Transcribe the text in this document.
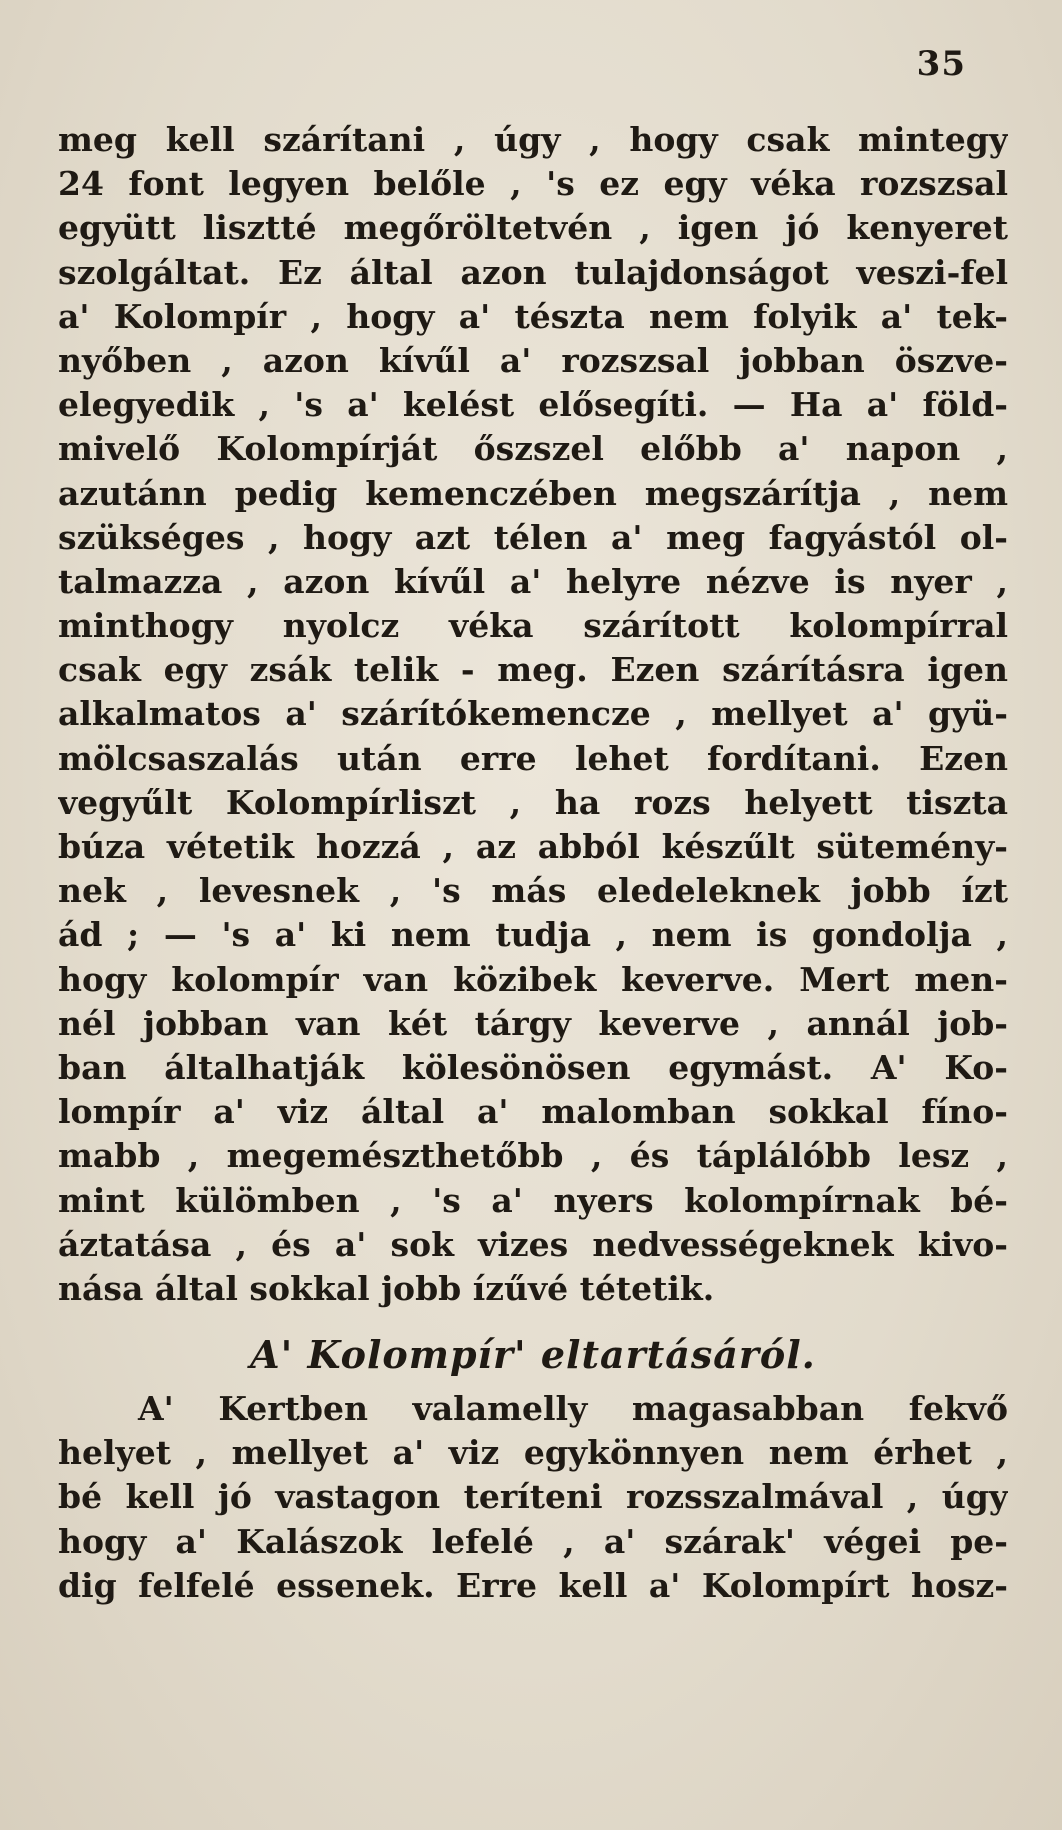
35
meg kell szárítani , úgy , hogy csak mintegy
24 font legyen belőle , 's ez egy véka rozszsal
együtt lisztté megőröltetvén , igen jó kenyeret
szolgáltat. Ez által azon tulajdonságot veszi-fel
a' Kolompír , hogy a' tészta nem folyik a' tek-
nyőben , azon kívűl a' rozszsal jobban öszve-
elegyedik , 's a' kelést elősegíti. — Ha a' föld-
mivelő Kolompírját őszszel előbb a' napon ,
azutánn pedig kemenczében megszárítja , nem
szükséges , hogy azt télen a' meg fagyástól ol-
talmazza , azon kívűl a' helyre nézve is nyer ,
minthogy nyolcz véka szárított kolompírral
csak egy zsák telik - meg. Ezen szárításra igen
alkalmatos a' szárítókemencze , mellyet a' gyü-
mölcsaszalás után erre lehet fordítani. Ezen
vegyűlt Kolompírliszt , ha rozs helyett tiszta
búza vétetik hozzá , az abból készűlt sütemény-
nek , levesnek , 's más eledeleknek jobb ízt
ád ; — 's a' ki nem tudja , nem is gondolja ,
hogy kolompír van közibek keverve. Mert men-
nél jobban van két tárgy keverve , annál job-
ban általhatják kölesönösen egymást. A' Ko-
lompír a' viz által a' malomban sokkal fíno-
mabb , megemészthetőbb , és táplálóbb lesz ,
mint külömben , 's a' nyers kolompírnak bé-
áztatása , és a' sok vizes nedvességeknek kivo-
nása által sokkal jobb ízűvé tétetik.
A' Kolompír' eltartásáról.
A' Kertben valamelly magasabban fekvő
helyet , mellyet a' viz egykönnyen nem érhet ,
bé kell jó vastagon teríteni rozsszalmával , úgy
hogy a' Kalászok lefelé , a' szárak' végei pe-
dig felfelé essenek. Erre kell a' Kolompírt hosz-
